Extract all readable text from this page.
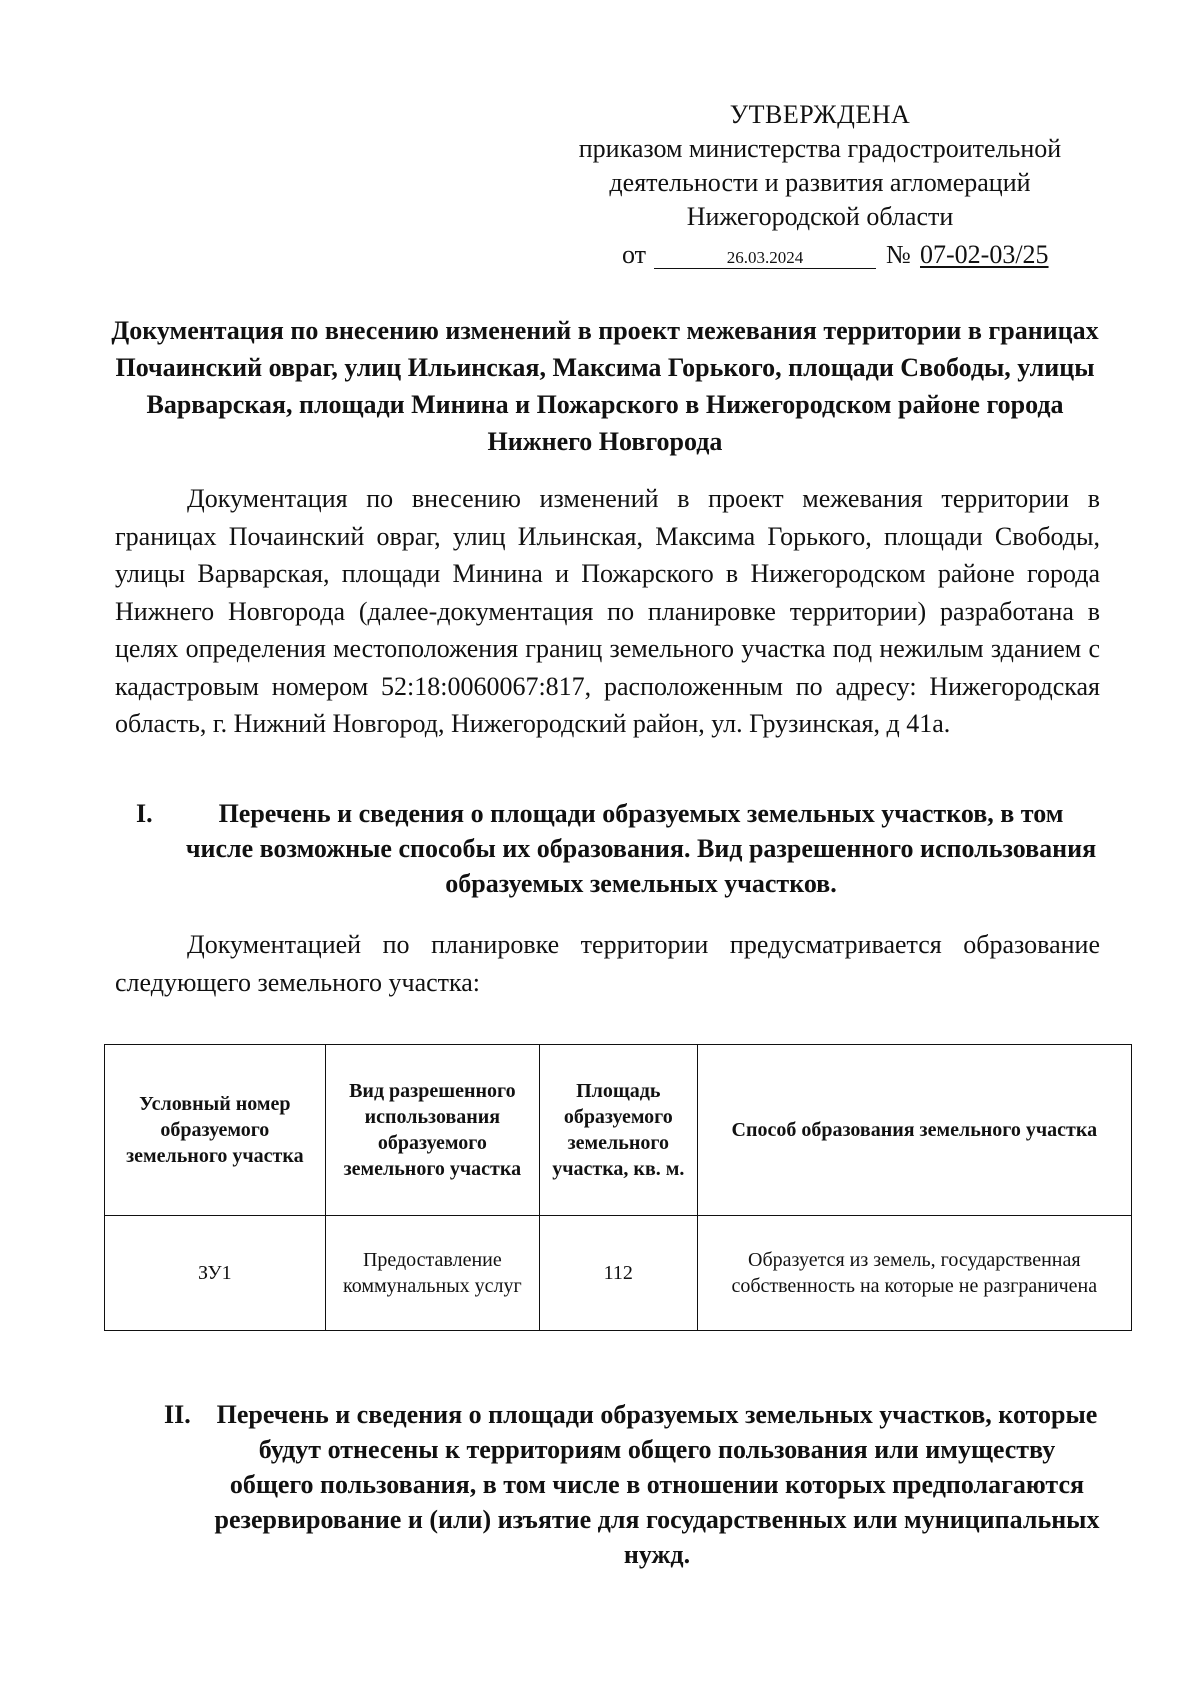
УТВЕРЖДЕНА
приказом министерства градостроительной
деятельности и развития агломераций
Нижегородской области
от	26.03.2024	№ 07-02-03/25
Документация по внесению изменений в проект межевания территории в границах Почаинский овраг, улиц Ильинская, Максима Горького, площади Свободы, улицы Варварская, площади Минина и Пожарского в Нижегородском районе города Нижнего Новгорода
Документация по внесению изменений в проект межевания территории в границах Почаинский овраг, улиц Ильинская, Максима Горького, площади Свободы, улицы Варварская, площади Минина и Пожарского в Нижегородском районе города Нижнего Новгорода (далее-документация по планировке территории) разработана в целях определения местоположения границ земельного участка под нежилым зданием с кадастровым номером 52:18:0060067:817, расположенным по адресу: Нижегородская область, г. Нижний Новгород, Нижегородский район, ул. Грузинская, д 41а.
I.	Перечень и сведения о площади образуемых земельных участков, в том числе возможные способы их образования. Вид разрешенного использования образуемых земельных участков.
Документацией по планировке территории предусматривается образование следующего земельного участка:
Условный номер образуемого земельного участка	Вид разрешенного использования образуемого земельного участка	Площадь образуемого земельного участка, кв. м.	Способ образования земельного участка
ЗУ1	Предоставление коммунальных услуг	112	Образуется из земель, государственная собственность на которые не разграничена
II. Перечень и сведения о площади образуемых земельных участков, которые будут отнесены к территориям общего пользования или имуществу общего пользования, в том числе в отношении которых предполагаются резервирование и (или) изъятие для государственных или муниципальных нужд.
